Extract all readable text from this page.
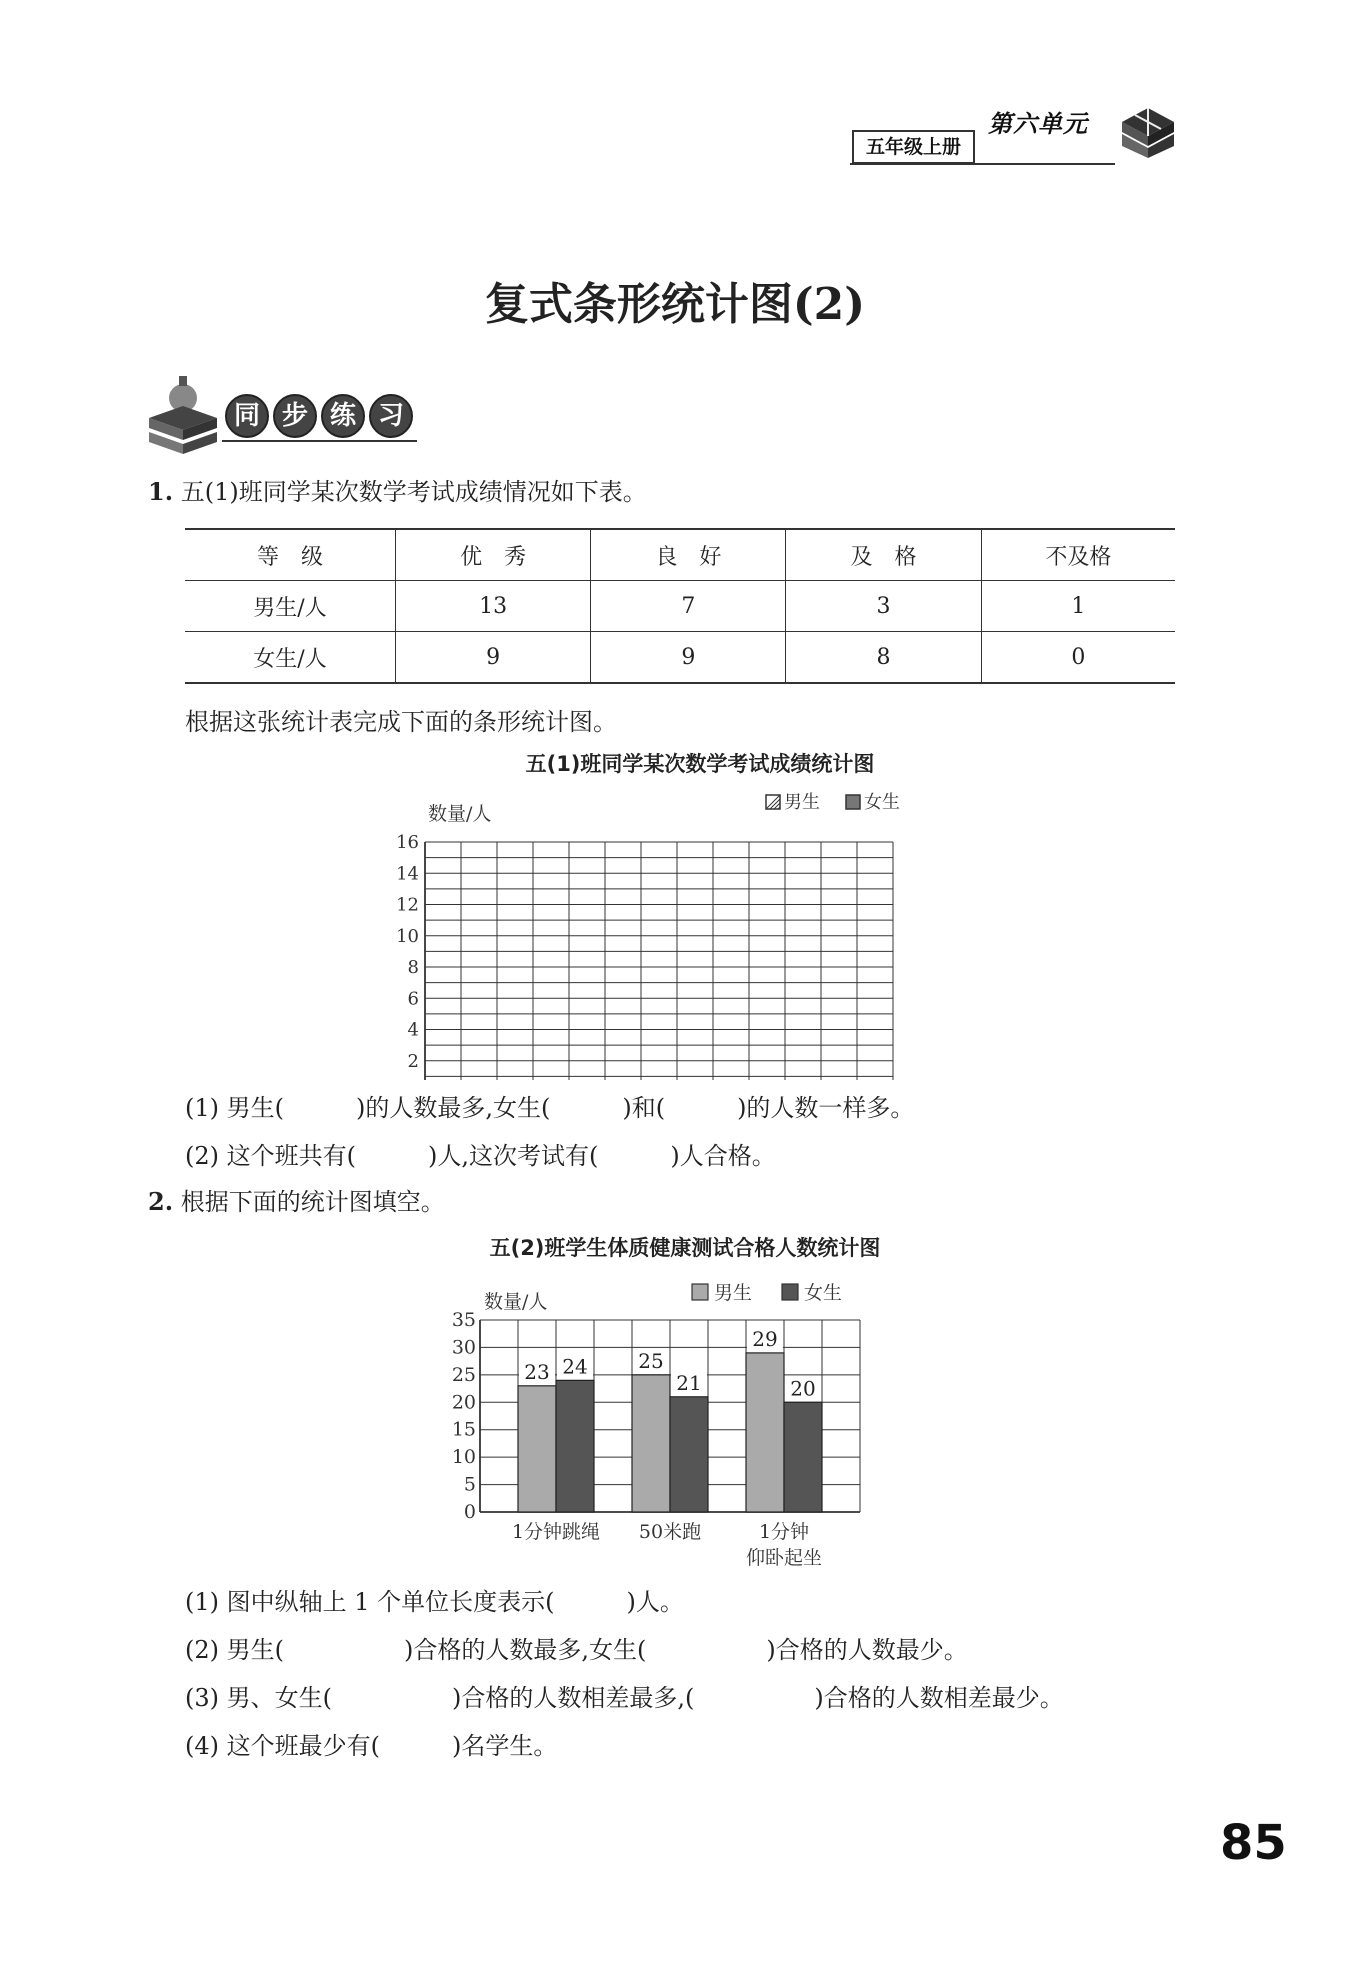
第六单元
五年级上册
复式条形统计图(2)
同 步 练 习
1. 五(1)班同学某次数学考试成绩情况如下表。
等　级	优　秀	良　好	及　格	不及格
男生/人	13	7	3	1
女生/人	9	9	8	0
根据这张统计表完成下面的条形统计图。
五(1)班同学某次数学考试成绩统计图
数量/人
男生 女生
2
4
6
8
10
12
14
16
(1) 男生(　　　)的人数最多,女生(　　　)和(　　　)的人数一样多。
(2) 这个班共有(　　　)人,这次考试有(　　　)人合格。
2. 根据下面的统计图填空。
五(2)班学生体质健康测试合格人数统计图
数量/人	男生	女生
0
5
10
15
20
25
30
35
23 24
1分钟跳绳
25
21
50米跑
29
20
1分钟
仰卧起坐
(1) 图中纵轴上 1 个单位长度表示(　　　)人。
(2) 男生(　　　　　)合格的人数最多,女生(　　　　　)合格的人数最少。
(3) 男、女生(　　　　　)合格的人数相差最多,(　　　　　)合格的人数相差最少。
(4) 这个班最少有(　　　)名学生。
85
